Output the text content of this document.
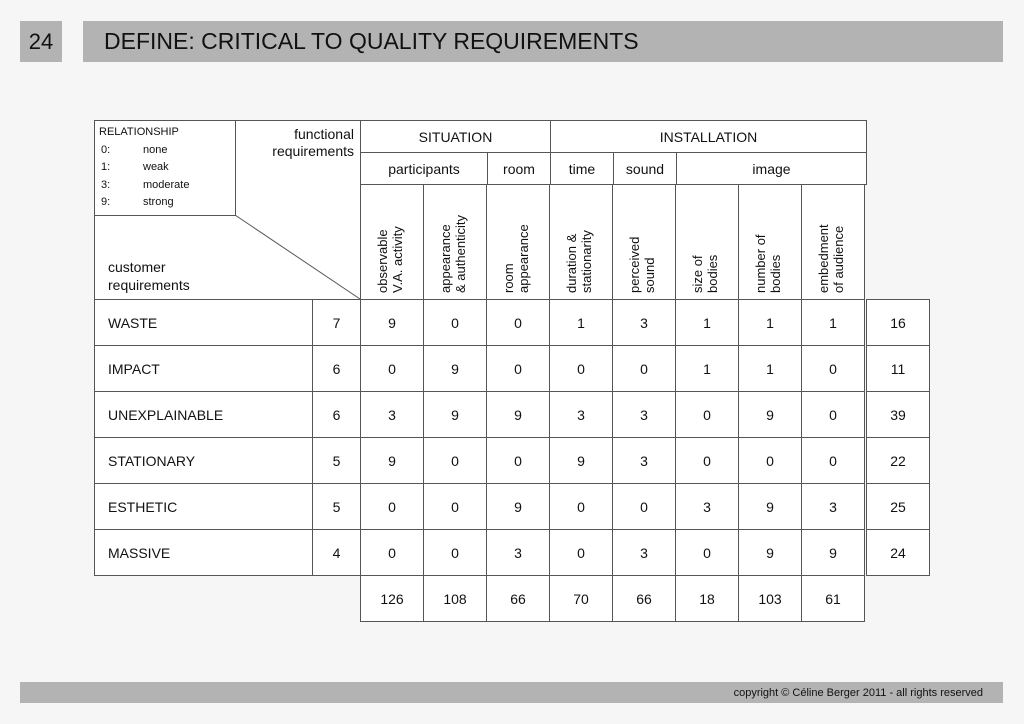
24	DEFINE: CRITICAL TO QUALITY REQUIREMENTS
RELATIONSHIP
0:	none
1:	weak
3:	moderate
9:	strong
functional
requirements
customer
requirements
SITUATION	INSTALLATION
participants	room	time	sound	image
observable V.A. activity	appearance & authenticity	room appearance	duration & stationarity	perceived sound	size of bodies	number of bodies	embedment of audience
WASTE	7	9	0	0	1	3	1	1	1	16
IMPACT	6	0	9	0	0	0	1	1	0	11
UNEXPLAINABLE	6	3	9	9	3	3	0	9	0	39
STATIONARY	5	9	0	0	9	3	0	0	0	22
ESTHETIC	5	0	0	9	0	0	3	9	3	25
MASSIVE	4	0	0	3	0	3	0	9	9	24
126	108	66	70	66	18	103	61
copyright © Céline Berger 2011 - all rights reserved
